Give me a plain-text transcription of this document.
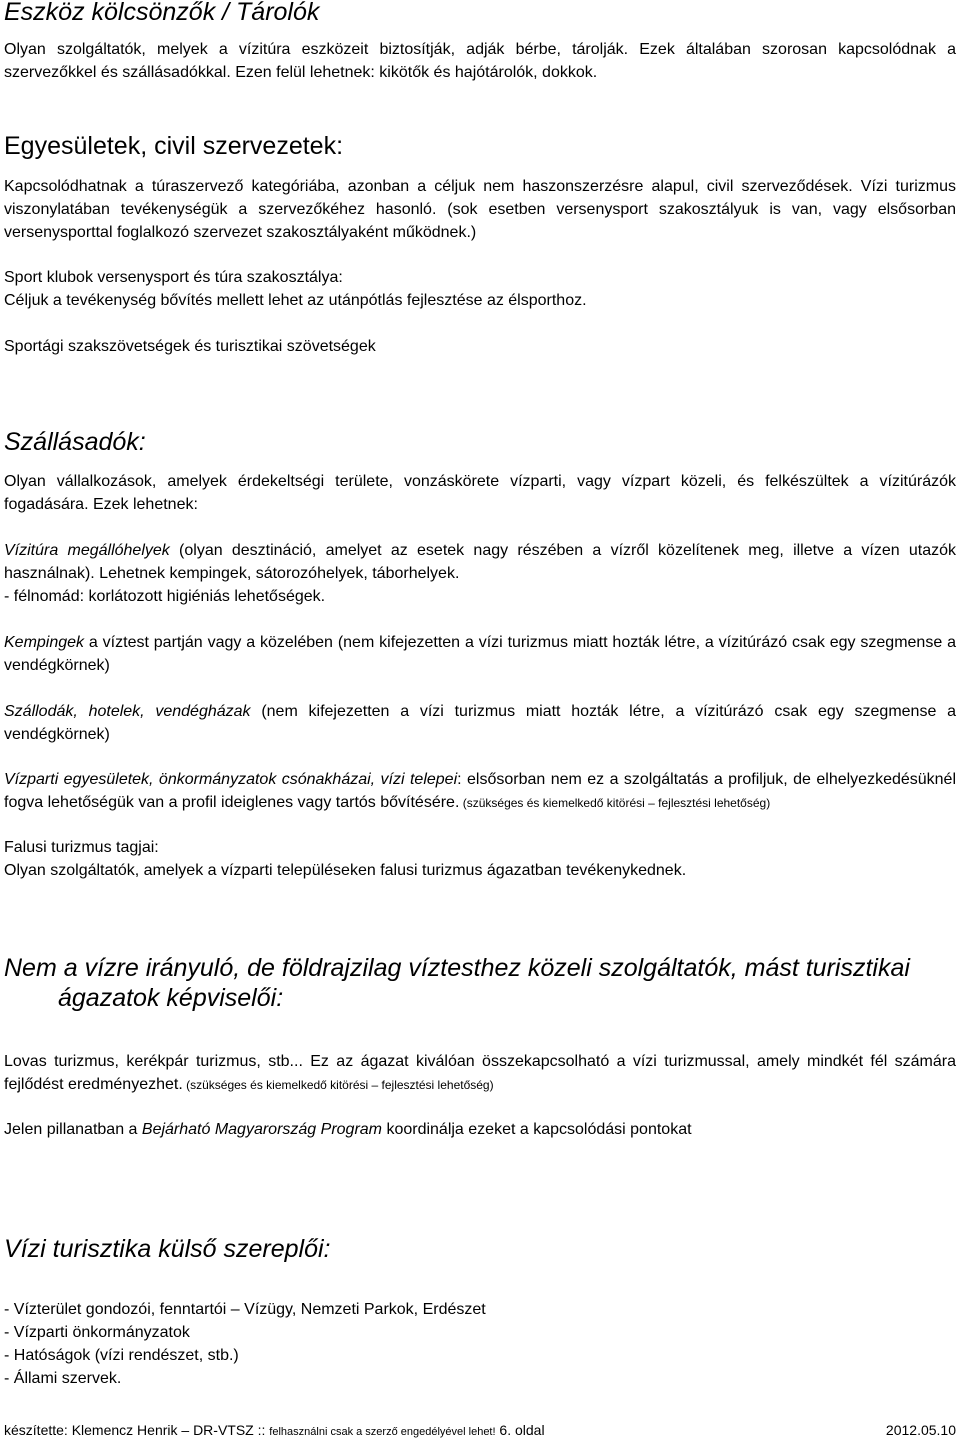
Eszköz kölcsönzők / Tárolók
Olyan szolgáltatók, melyek a vízitúra eszközeit biztosítják, adják bérbe, tárolják. Ezek általában szorosan kapcsolódnak a szervezőkkel és szállásadókkal. Ezen felül lehetnek: kikötők és hajótárolók, dokkok.
Egyesületek, civil szervezetek:
Kapcsolódhatnak a túraszervező kategóriába, azonban a céljuk nem haszonszerzésre alapul, civil szerveződések. Vízi turizmus viszonylatában tevékenységük a szervezőkéhez hasonló. (sok esetben versenysport szakosztályuk is van, vagy elsősorban versenysporttal foglalkozó szervezet szakosztályaként működnek.)
Sport klubok versenysport és túra szakosztálya:
Céljuk a tevékenység bővítés mellett lehet az utánpótlás fejlesztése az élsporthoz.
Sportági szakszövetségek és turisztikai szövetségek
Szállásadók:
Olyan vállalkozások, amelyek érdekeltségi területe, vonzáskörete vízparti, vagy vízpart közeli, és felkészültek a vízitúrázók fogadására. Ezek lehetnek:
Vízitúra megállóhelyek (olyan desztináció, amelyet az esetek nagy részében a vízről közelítenek meg, illetve a vízen utazók használnak). Lehetnek kempingek, sátorozóhelyek, táborhelyek.
- félnomád: korlátozott higiéniás lehetőségek.
Kempingek a víztest partján vagy a közelében (nem kifejezetten a vízi turizmus miatt hozták létre, a vízitúrázó csak egy szegmense a vendégkörnek)
Szállodák, hotelek, vendégházak (nem kifejezetten a vízi turizmus miatt hozták létre, a vízitúrázó csak egy szegmense a vendégkörnek)
Vízparti egyesületek, önkormányzatok csónakházai, vízi telepei: elsősorban nem ez a szolgáltatás a profiljuk, de elhelyezkedésüknél fogva lehetőségük van a profil ideiglenes vagy tartós bővítésére. (szükséges és kiemelkedő kitörési – fejlesztési lehetőség)
Falusi turizmus tagjai:
Olyan szolgáltatók, amelyek a vízparti településeken falusi turizmus ágazatban tevékenykednek.
Nem a vízre irányuló, de földrajzilag víztesthez közeli szolgáltatók, mást turisztikai
ágazatok képviselői:
Lovas turizmus, kerékpár turizmus, stb... Ez az ágazat kiválóan összekapcsolható a vízi turizmussal, amely mindkét fél számára fejlődést eredményezhet. (szükséges és kiemelkedő kitörési – fejlesztési lehetőség)
Jelen pillanatban a Bejárható Magyarország Program koordinálja ezeket a kapcsolódási pontokat
Vízi turisztika külső szereplői:
- Vízterület gondozói, fenntartói – Vízügy, Nemzeti Parkok, Erdészet
- Vízparti önkormányzatok
- Hatóságok (vízi rendészet, stb.)
- Állami szervek.
készítette: Klemencz Henrik – DR-VTSZ :: felhasználni csak a szerző engedélyével lehet! 6. oldal	2012.05.10
